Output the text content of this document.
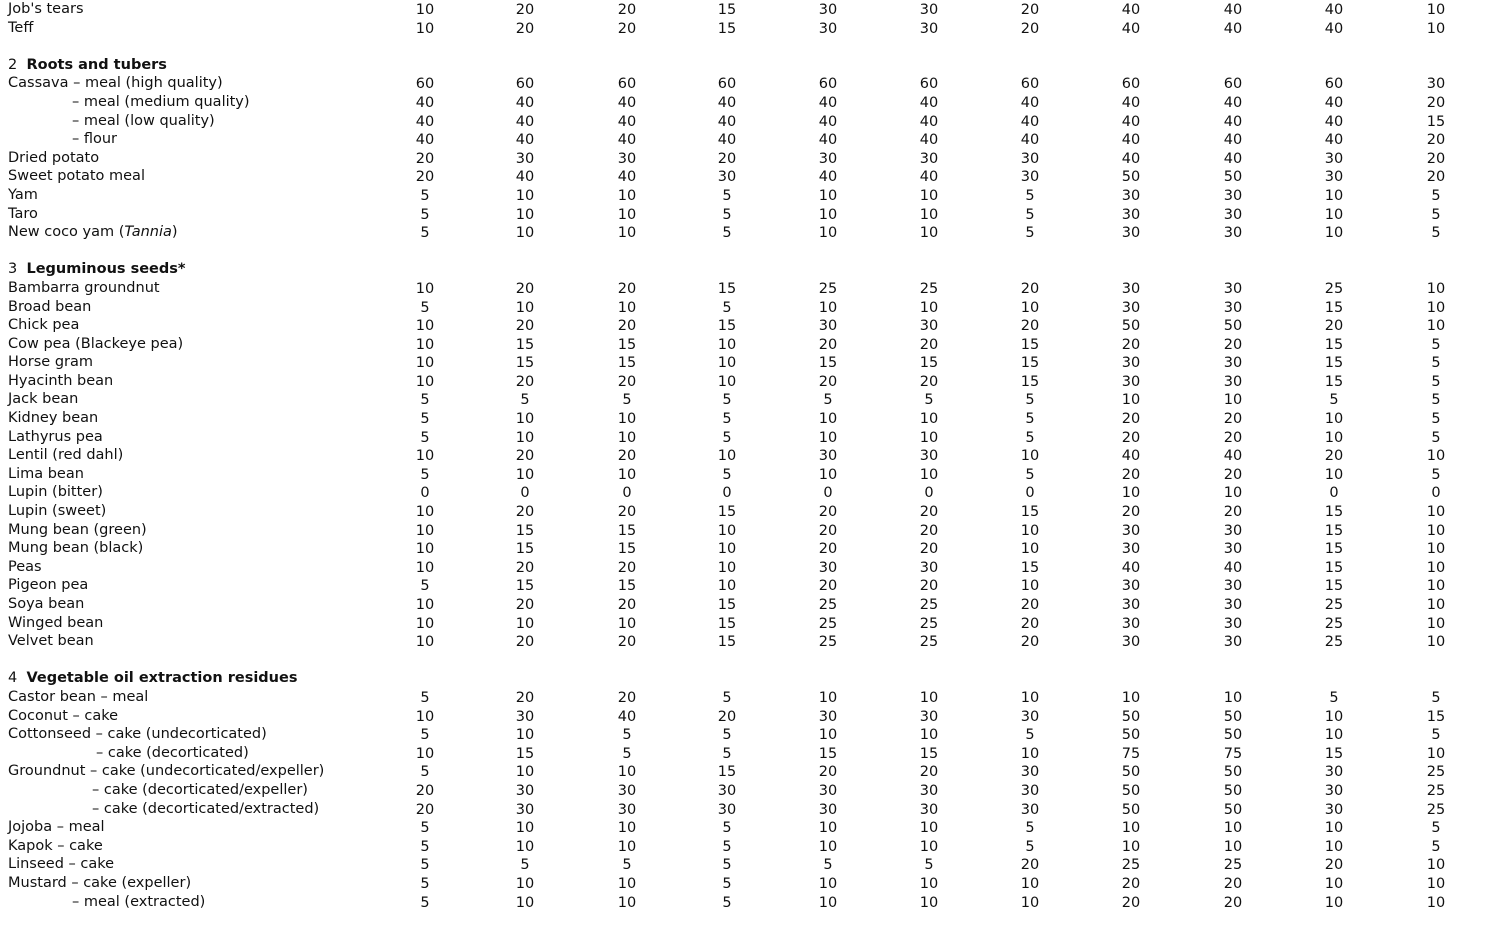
Job's tears	10	20	20	15	30	30	20	40	40	40	10
Teff	10	20	20	15	30	30	20	40	40	40	10
2  Roots and tubers
Cassava – meal (high quality)	60	60	60	60	60	60	60	60	60	60	30
– meal (medium quality)	40	40	40	40	40	40	40	40	40	40	20
– meal (low quality)	40	40	40	40	40	40	40	40	40	40	15
– flour	40	40	40	40	40	40	40	40	40	40	20
Dried potato	20	30	30	20	30	30	30	40	40	30	20
Sweet potato meal	20	40	40	30	40	40	30	50	50	30	20
Yam	5	10	10	5	10	10	5	30	30	10	5
Taro	5	10	10	5	10	10	5	30	30	10	5
New coco yam (Tannia)	5	10	10	5	10	10	5	30	30	10	5
3  Leguminous seeds*
Bambarra groundnut	10	20	20	15	25	25	20	30	30	25	10
Broad bean	5	10	10	5	10	10	10	30	30	15	10
Chick pea	10	20	20	15	30	30	20	50	50	20	10
Cow pea (Blackeye pea)	10	15	15	10	20	20	15	20	20	15	5
Horse gram	10	15	15	10	15	15	15	30	30	15	5
Hyacinth bean	10	20	20	10	20	20	15	30	30	15	5
Jack bean	5	5	5	5	5	5	5	10	10	5	5
Kidney bean	5	10	10	5	10	10	5	20	20	10	5
Lathyrus pea	5	10	10	5	10	10	5	20	20	10	5
Lentil (red dahl)	10	20	20	10	30	30	10	40	40	20	10
Lima bean	5	10	10	5	10	10	5	20	20	10	5
Lupin (bitter)	0	0	0	0	0	0	0	10	10	0	0
Lupin (sweet)	10	20	20	15	20	20	15	20	20	15	10
Mung bean (green)	10	15	15	10	20	20	10	30	30	15	10
Mung bean (black)	10	15	15	10	20	20	10	30	30	15	10
Peas	10	20	20	10	30	30	15	40	40	15	10
Pigeon pea	5	15	15	10	20	20	10	30	30	15	10
Soya bean	10	20	20	15	25	25	20	30	30	25	10
Winged bean	10	10	10	15	25	25	20	30	30	25	10
Velvet bean	10	20	20	15	25	25	20	30	30	25	10
4  Vegetable oil extraction residues
Castor bean – meal	5	20	20	5	10	10	10	10	10	5	5
Coconut – cake	10	30	40	20	30	30	30	50	50	10	15
Cottonseed – cake (undecorticated)	5	10	5	5	10	10	5	50	50	10	5
– cake (decorticated)	10	15	5	5	15	15	10	75	75	15	10
Groundnut – cake (undecorticated/expeller)	5	10	10	15	20	20	30	50	50	30	25
– cake (decorticated/expeller)	20	30	30	30	30	30	30	50	50	30	25
– cake (decorticated/extracted)	20	30	30	30	30	30	30	50	50	30	25
Jojoba – meal	5	10	10	5	10	10	5	10	10	10	5
Kapok – cake	5	10	10	5	10	10	5	10	10	10	5
Linseed – cake	5	5	5	5	5	5	20	25	25	20	10
Mustard – cake (expeller)	5	10	10	5	10	10	10	20	20	10	10
– meal (extracted)	5	10	10	5	10	10	10	20	20	10	10
